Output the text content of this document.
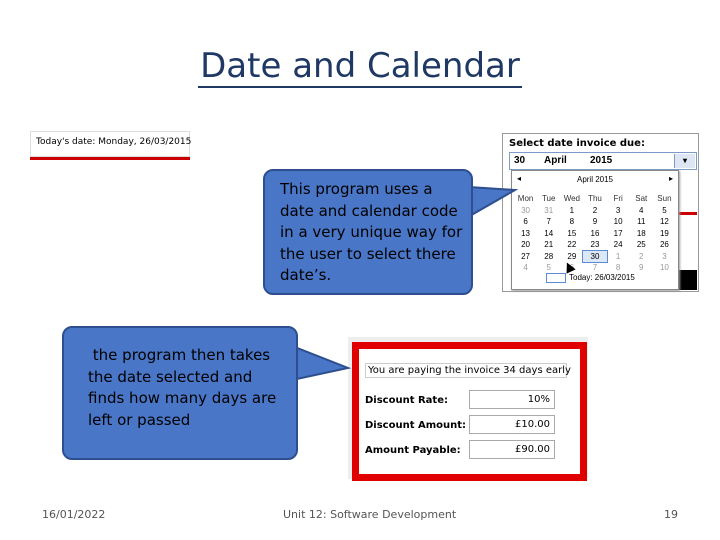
Date and Calendar
Today's date: Monday, 26/03/2015	Select date invoice due:
30 April 2015	▾
◂	April 2015	▸
Mon	Tue	Wed	Thu	Fri	Sat	Sun
30	31	1	2	3	4	5
6	7	8	9	10	11	12
13	14	15	16	17	18	19
20	21	22	23	24	25	26
27	28	29	30	1	2	3
4	5	6	7	8	9	10
Today: 26/03/2015
You are paying the invoice 34 days early
Discount Rate:	10%
Discount Amount:	£10.00
Amount Payable:	£90.00
This program uses a date and calendar code in a very unique way for the user to select there date’s.
the program then takes the date selected and finds how many days are left or passed
16/01/2022	Unit 12: Software Development	19
